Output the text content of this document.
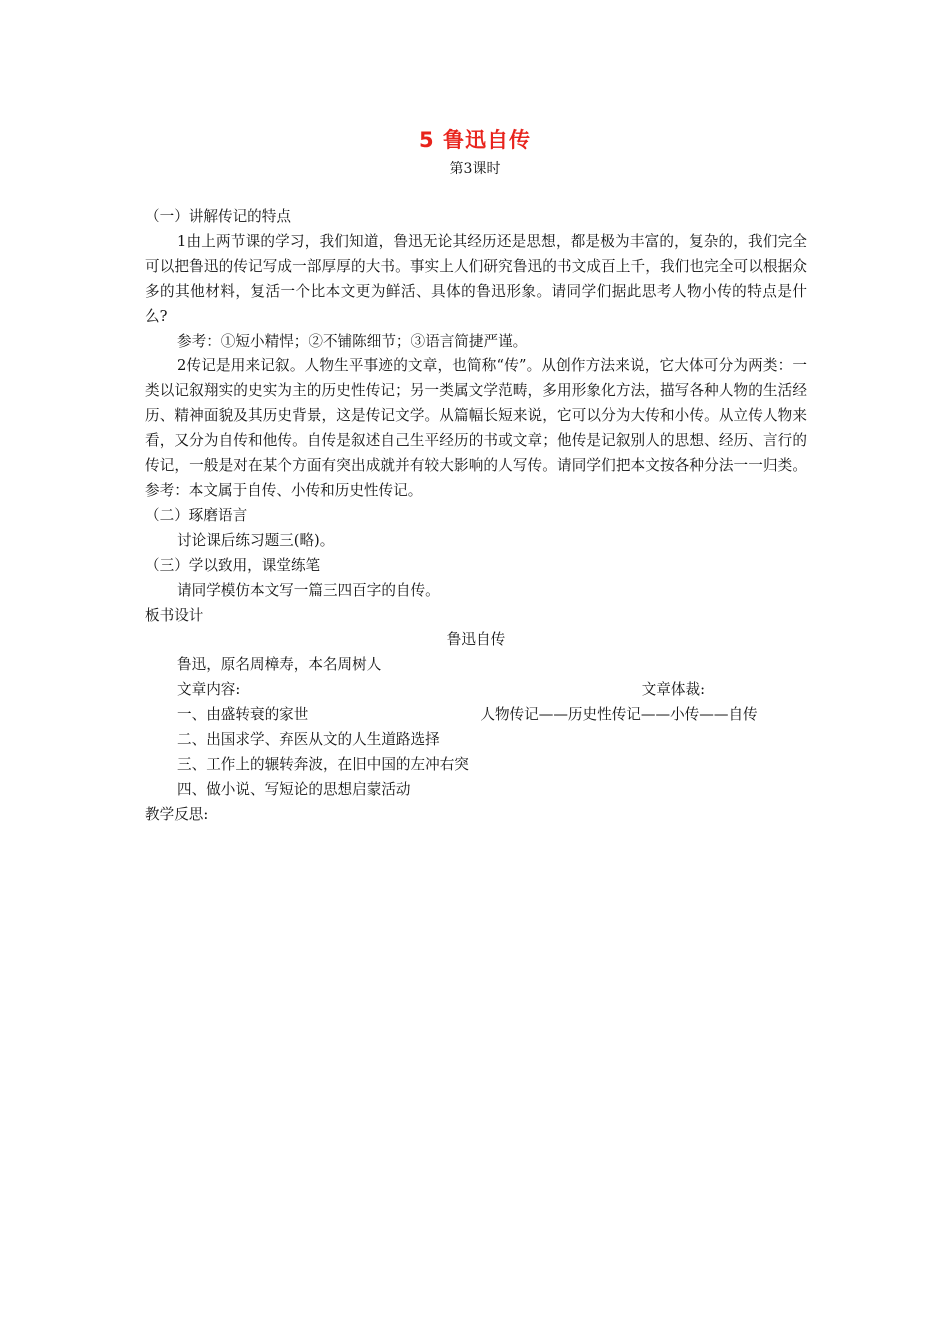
5 鲁迅自传
第3课时
（一）讲解传记的特点
1由上两节课的学习，我们知道，鲁迅无论其经历还是思想，都是极为丰富的，复杂的，我们完全可以把鲁迅的传记写成一部厚厚的大书。事实上人们研究鲁迅的书文成百上千，我们也完全可以根据众多的其他材料，复活一个比本文更为鲜活、具体的鲁迅形象。请同学们据此思考人物小传的特点是什么?
参考：①短小精悍；②不铺陈细节；③语言简捷严谨。
2传记是用来记叙。人物生平事迹的文章，也简称“传”。从创作方法来说，它大体可分为两类：一类以记叙翔实的史实为主的历史性传记；另一类属文学范畴，多用形象化方法，描写各种人物的生活经历、精神面貌及其历史背景，这是传记文学。从篇幅长短来说，它可以分为大传和小传。从立传人物来看，又分为自传和他传。自传是叙述自己生平经历的书或文章；他传是记叙别人的思想、经历、言行的传记，一般是对在某个方面有突出成就并有较大影响的人写传。请同学们把本文按各种分法一一归类。 参考：本文属于自传、小传和历史性传记。
（二）琢磨语言
讨论课后练习题三(略)。
（三）学以致用，课堂练笔
请同学模仿本文写一篇三四百字的自传。
板书设计
鲁迅自传
鲁迅，原名周樟寿，本名周树人
文章内容:	文章体裁:
一、由盛转衰的家世	人物传记——历史性传记——小传——自传
二、出国求学、弃医从文的人生道路选择
三、工作上的辗转奔波，在旧中国的左冲右突
四、做小说、写短论的思想启蒙活动
教学反思:
